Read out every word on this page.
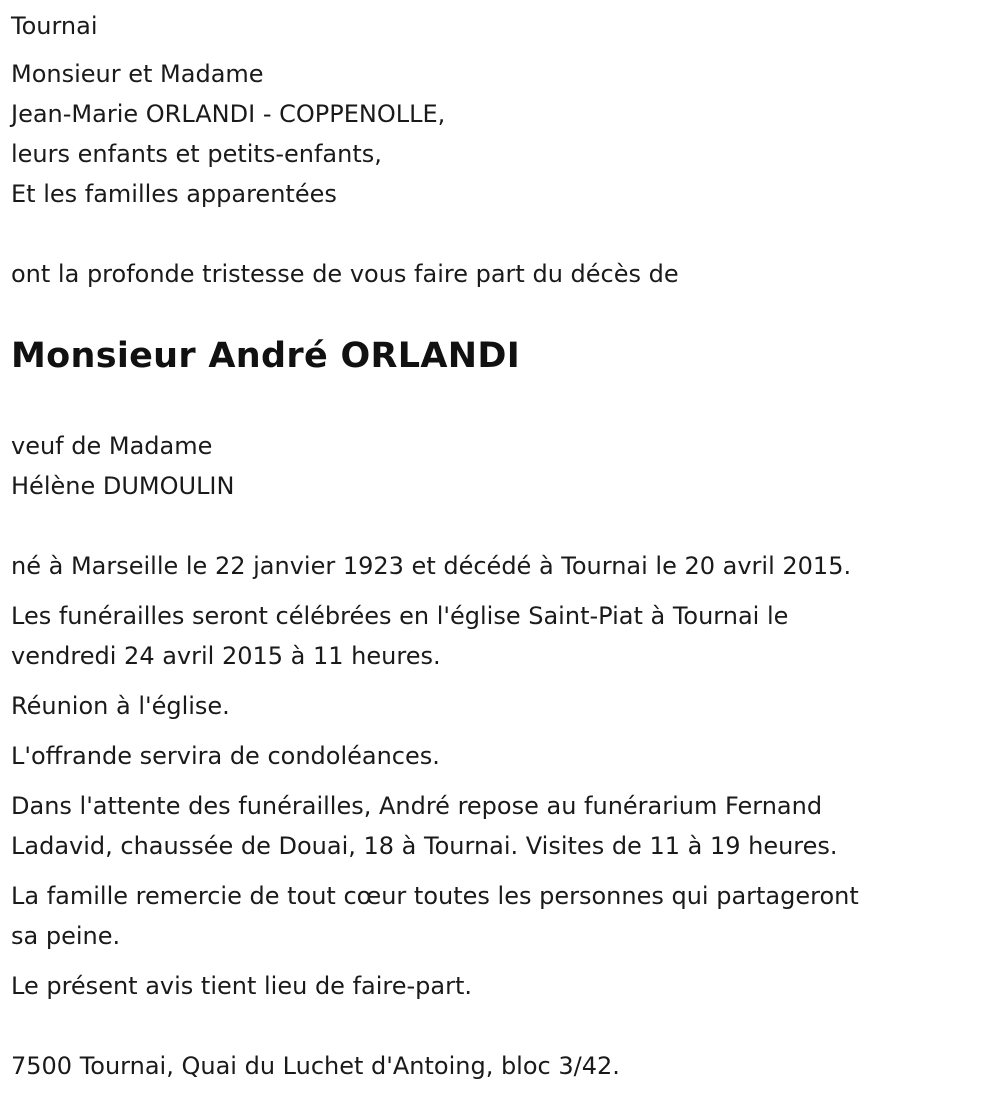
Tournai
Monsieur et Madame
Jean-Marie ORLANDI - COPPENOLLE,
leurs enfants et petits-enfants,
Et les familles apparentées
ont la profonde tristesse de vous faire part du décès de
Monsieur André ORLANDI
veuf de Madame
Hélène DUMOULIN
né à Marseille le 22 janvier 1923 et décédé à Tournai le 20 avril 2015.
Les funérailles seront célébrées en l'église Saint-Piat à Tournai le
vendredi 24 avril 2015 à 11 heures.
Réunion à l'église.
L'offrande servira de condoléances.
Dans l'attente des funérailles, André repose au funérarium Fernand
Ladavid, chaussée de Douai, 18 à Tournai. Visites de 11 à 19 heures.
La famille remercie de tout cœur toutes les personnes qui partageront
sa peine.
Le présent avis tient lieu de faire-part.
7500 Tournai, Quai du Luchet d'Antoing, bloc 3/42.
